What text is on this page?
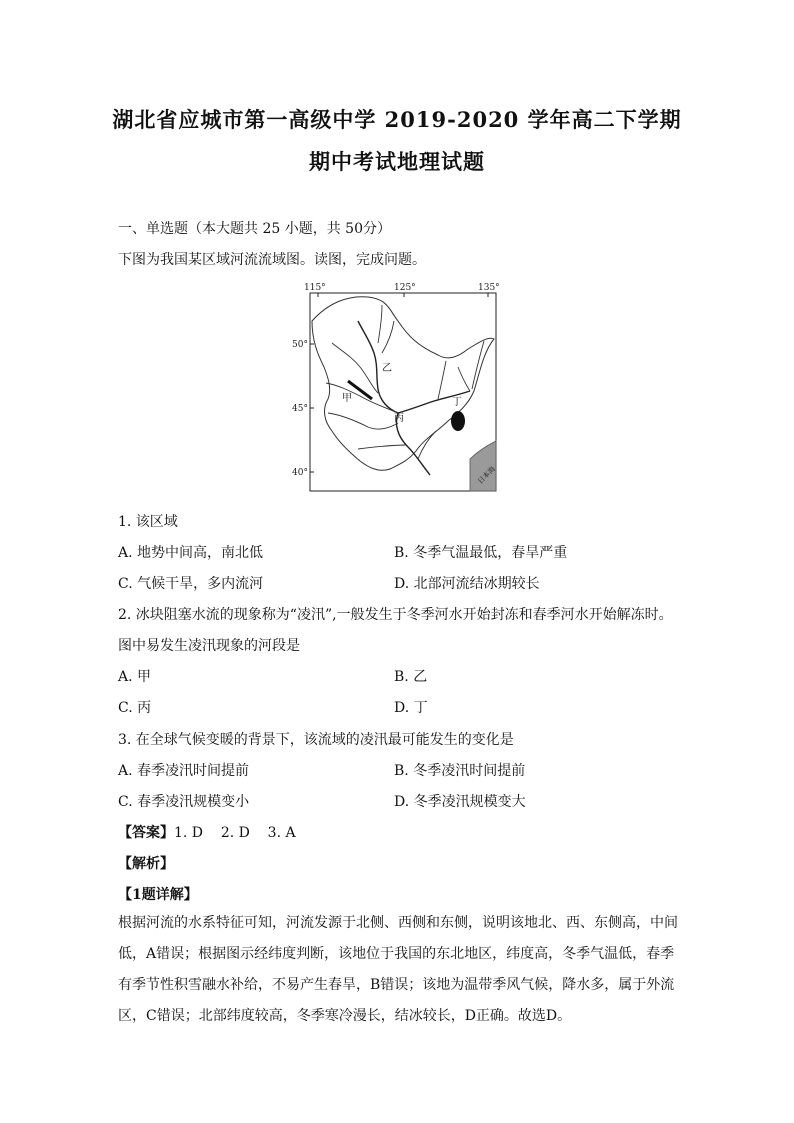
湖北省应城市第一高级中学 2019-2020 学年高二下学期
期中考试地理试题
一、单选题（本大题共 25 小题，共 50分）
下图为我国某区域河流流域图。读图，完成问题。
115°	125°	135°
50°
45°
40°
乙
甲
丙
丁
日本海
1. 该区域
A. 地势中间高，南北低	B. 冬季气温最低，春旱严重
C. 气候干旱，多内流河	D. 北部河流结冰期较长
2. 冰块阻塞水流的现象称为“凌汛”,一般发生于冬季河水开始封冻和春季河水开始解冻时。
图中易发生凌汛现象的河段是
A. 甲	B. 乙
C. 丙	D. 丁
3. 在全球气候变暖的背景下，该流域的凌汛最可能发生的变化是
A. 春季凌汛时间提前	B. 冬季凌汛时间提前
C. 春季凌汛规模变小	D. 冬季凌汛规模变大
【答案】1. D    2. D    3. A
【解析】
【1题详解】
根据河流的水系特征可知，河流发源于北侧、西侧和东侧，说明该地北、西、东侧高，中间低，A错误；根据图示经纬度判断，该地位于我国的东北地区，纬度高，冬季气温低，春季有季节性积雪融水补给，不易产生春旱，B错误；该地为温带季风气候，降水多，属于外流区，C错误；北部纬度较高，冬季寒冷漫长，结冰较长，D正确。故选D。
